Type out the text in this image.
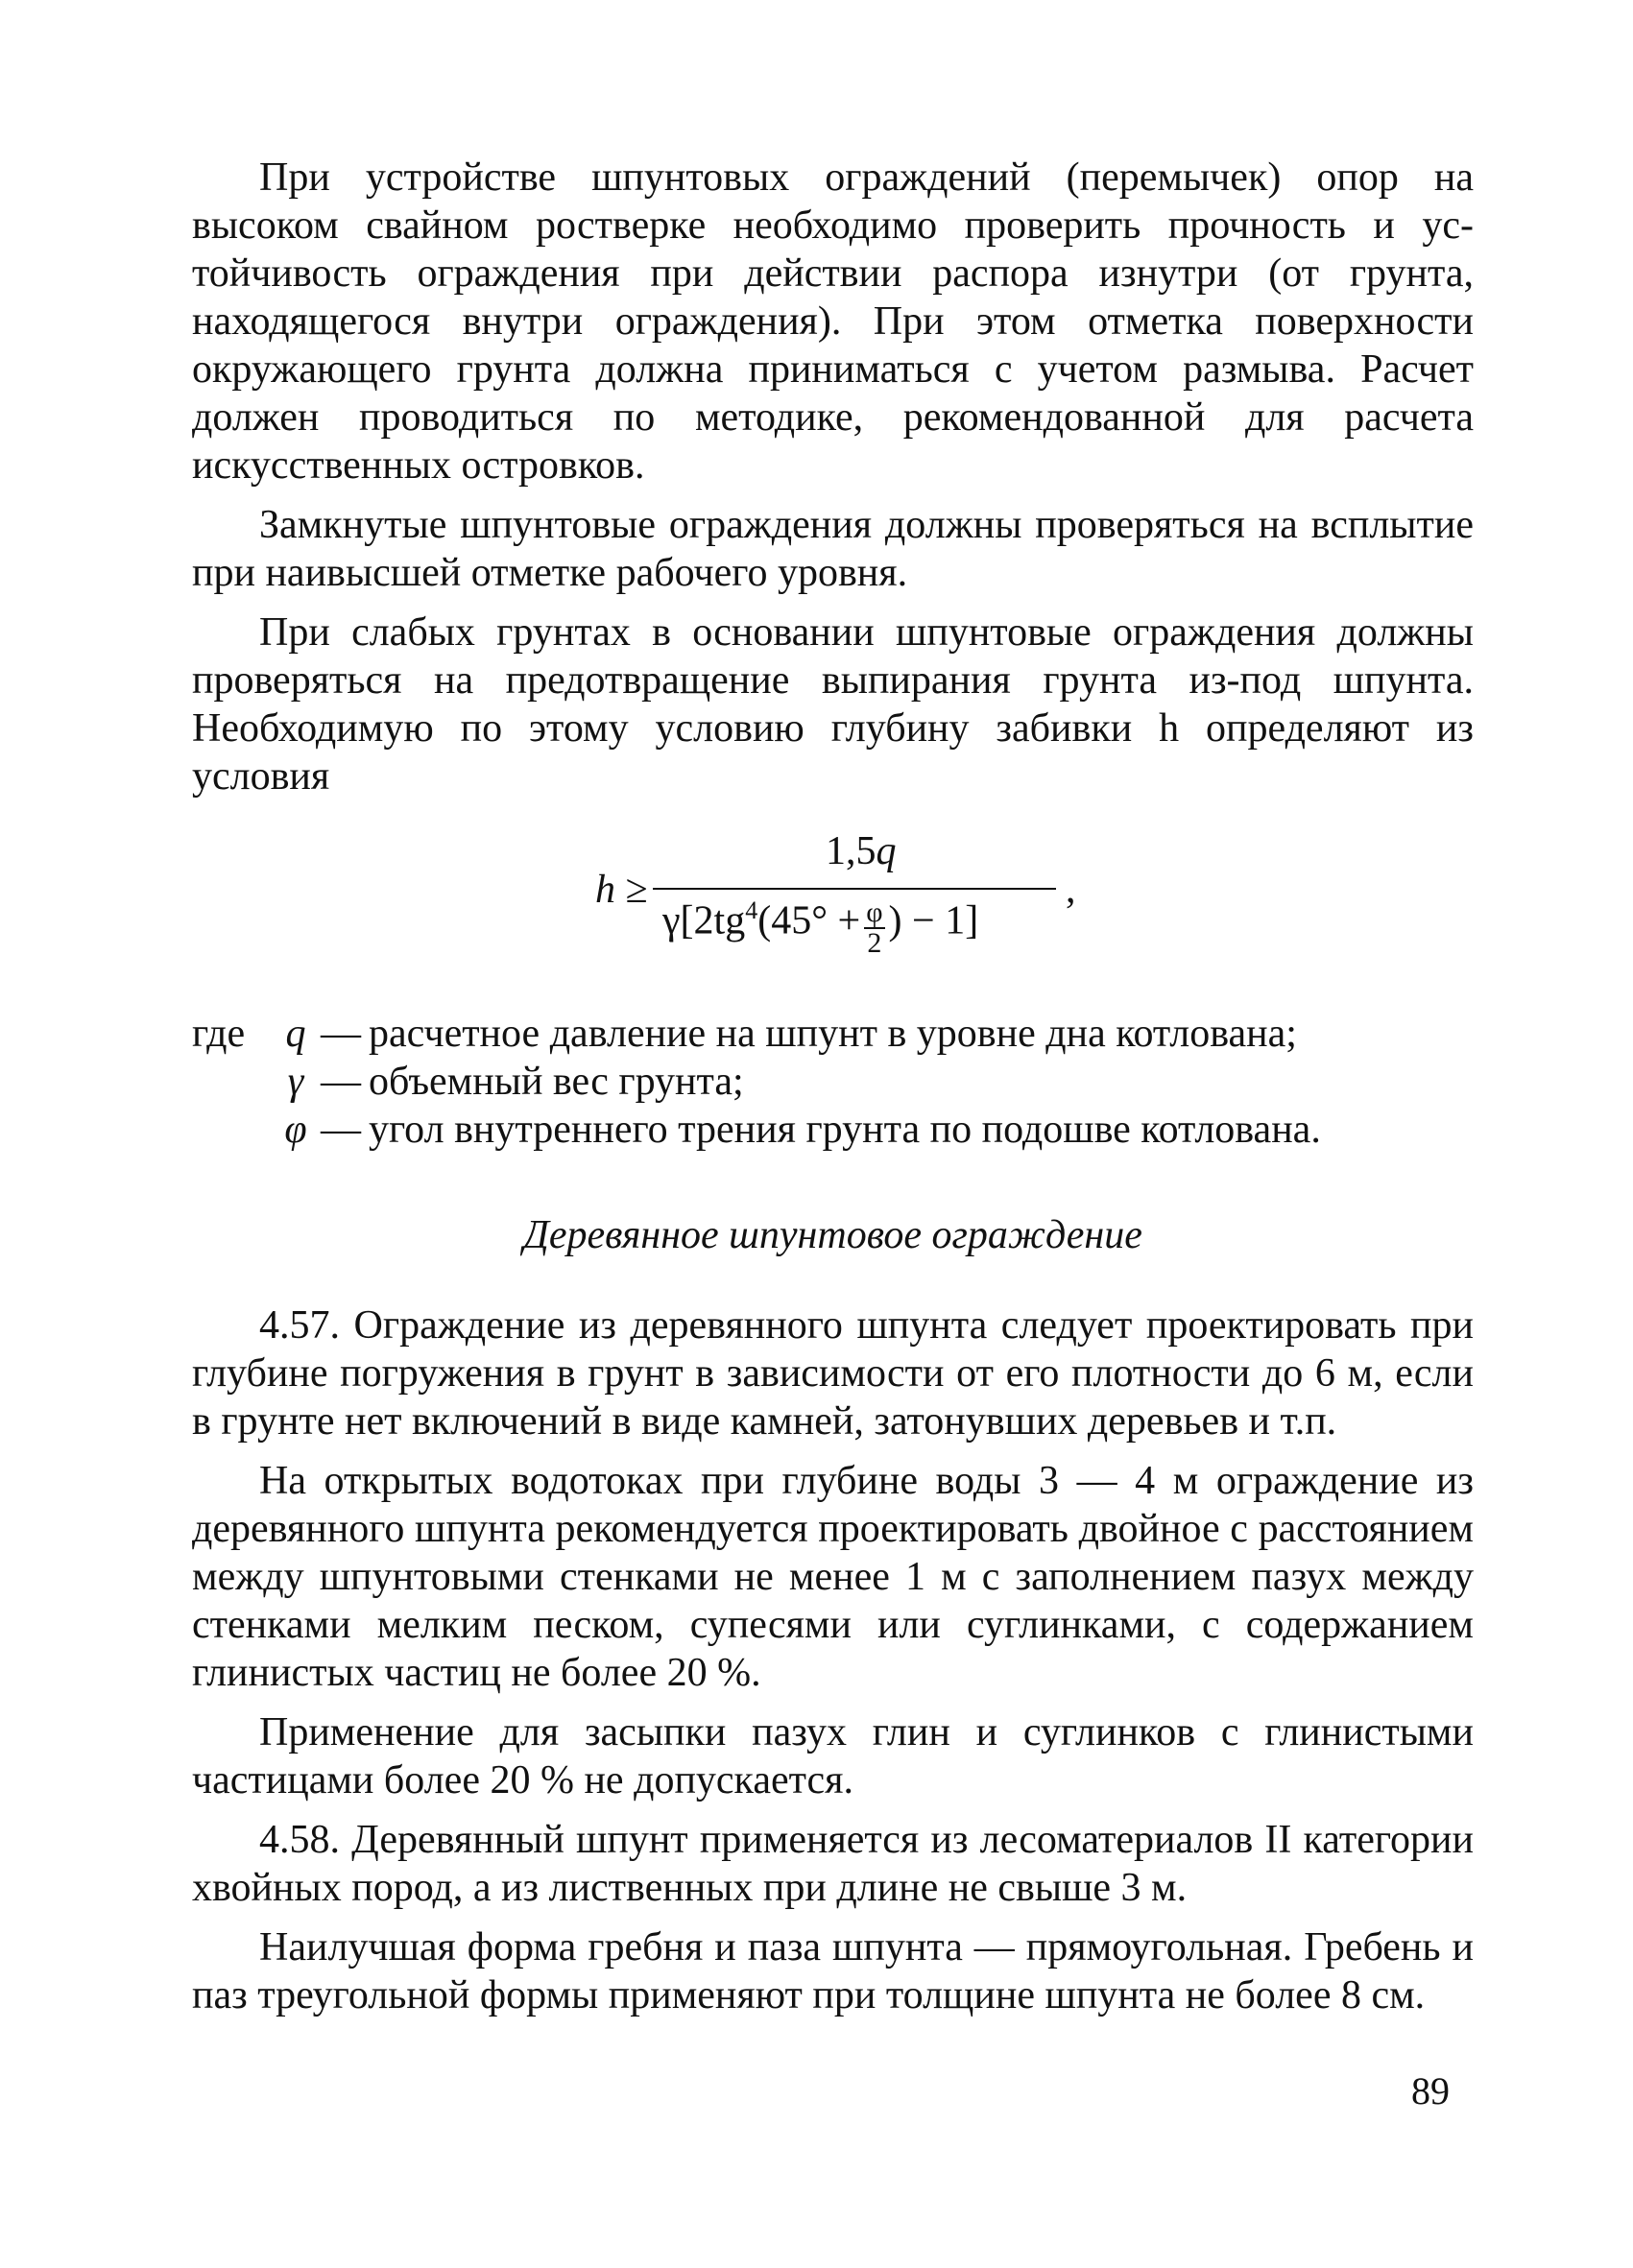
При устройстве шпунтовых ограждений (перемычек) опор на высоком свайном ростверке необходимо проверить прочность и устойчивость ограждения при действии распора изнутри (от грунта, находящегося внутри ограждения). При этом отметка поверхности окружающего грунта должна приниматься с учетом размыва. Расчет должен проводиться по методике, рекомендованной для расчета искусственных островков.

Замкнутые шпунтовые ограждения должны проверяться на всплытие при наивысшей отметке рабочего уровня.

При слабых грунтах в основании шпунтовые ограждения должны проверяться на предотвращение выпирания грунта из-под шпунта. Необходимую по этому условию глубину забивки h определяют из условия

h ≥
1,5q
,
$\gamma[2tg^4(45^\circ + \frac{\varphi}{2}$ ) − 1]
где	q — расчетное давление на шпунт в уровне дна котлована;
γ — объемный вес грунта;
φ — угол внутреннего трения грунта по подошве котлована.
Деревянное шпунтовое ограждение

4.57. Ограждение из деревянного шпунта следует проектировать при глубине погружения в грунт в зависимости от его плотности до 6 м, если в грунте нет включений в виде камней, затонувших деревьев и т.п.

На открытых водотоках при глубине воды 3 — 4 м ограждение из деревянного шпунта рекомендуется проектировать двойное с расстоянием между шпунтовыми стенками не менее 1 м с заполнением пазух между стенками мелким песком, супесями или суглинками, с содержанием глинистых частиц не более 20 %.

Применение для засыпки пазух глин и суглинков с глинистыми частицами более 20 % не допускается.

4.58. Деревянный шпунт применяется из лесоматериалов II категории хвойных пород, а из лиственных при длине не свыше 3 м.

Наилучшая форма гребня и паза шпунта — прямоугольная. Гребень и паз треугольной формы применяют при толщине шпунта не более 8 см.

89
